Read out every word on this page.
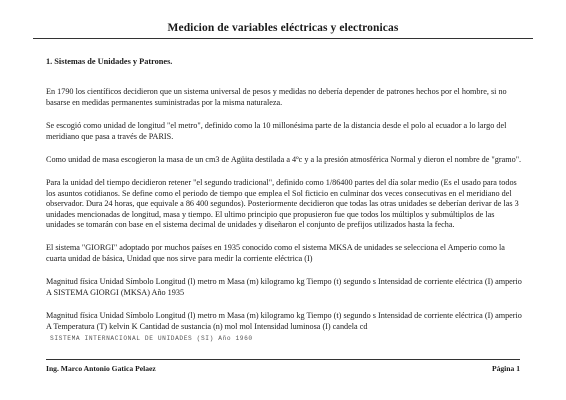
Medicion de variables eléctricas y electronicas
1. Sistemas de Unidades y Patrones.

En 1790 los científicos decidieron que un sistema universal de pesos y medidas no debería depender de patrones hechos por el hombre, si no basarse en medidas permanentes suministradas por la misma naturaleza.

Se escogió como unidad de longitud "el metro", definido como la 10 millonésima parte de la distancia desde el polo al ecuador a lo largo del meridiano que pasa a través de PARIS.

Como unidad de masa escogieron la masa de un cm3 de Agüita destilada a 4ºc y a la presión atmosférica Normal y dieron el nombre de "gramo".

Para la unidad del tiempo decidieron retener "el segundo tradicional", definido como 1/86400 partes del día solar medio (Es el usado para todos los asuntos cotidianos. Se define como el periodo de tiempo que emplea el Sol ficticio en culminar dos veces consecutivas en el meridiano del observador. Dura 24 horas, que equivale a 86 400 segundos). Posteriormente decidieron que todas las otras unidades se deberían derivar de las 3 unidades mencionadas de longitud, masa y tiempo. El ultimo principio que propusieron fue que todos los múltiplos y submúltiplos de las unidades se tomarán con base en el sistema decimal de unidades y diseñaron el conjunto de prefijos utilizados hasta la fecha.

El sistema "GIORGI" adoptado por muchos países en 1935 conocido como el sistema MKSA de unidades se selecciona el Amperio como la cuarta unidad de básica, Unidad que nos sirve para medir la corriente eléctrica (I)

Magnitud física Unidad Símbolo Longitud (l) metro m Masa (m) kilogramo kg Tiempo (t) segundo s Intensidad de corriente eléctrica (I) amperio A SISTEMA GIORGI (MKSA) Año 1935

Magnitud física Unidad Símbolo Longitud (l) metro m Masa (m) kilogramo kg Tiempo (t) segundo s Intensidad de corriente eléctrica (I) amperio A Temperatura (T) kelvin K Cantidad de sustancia (n) mol mol Intensidad luminosa (I) candela cd

SISTEMA INTERNACIONAL DE UNIDADES (SI) Año 1960
Ing. Marco Antonio Gatica Pelaez	Página 1
